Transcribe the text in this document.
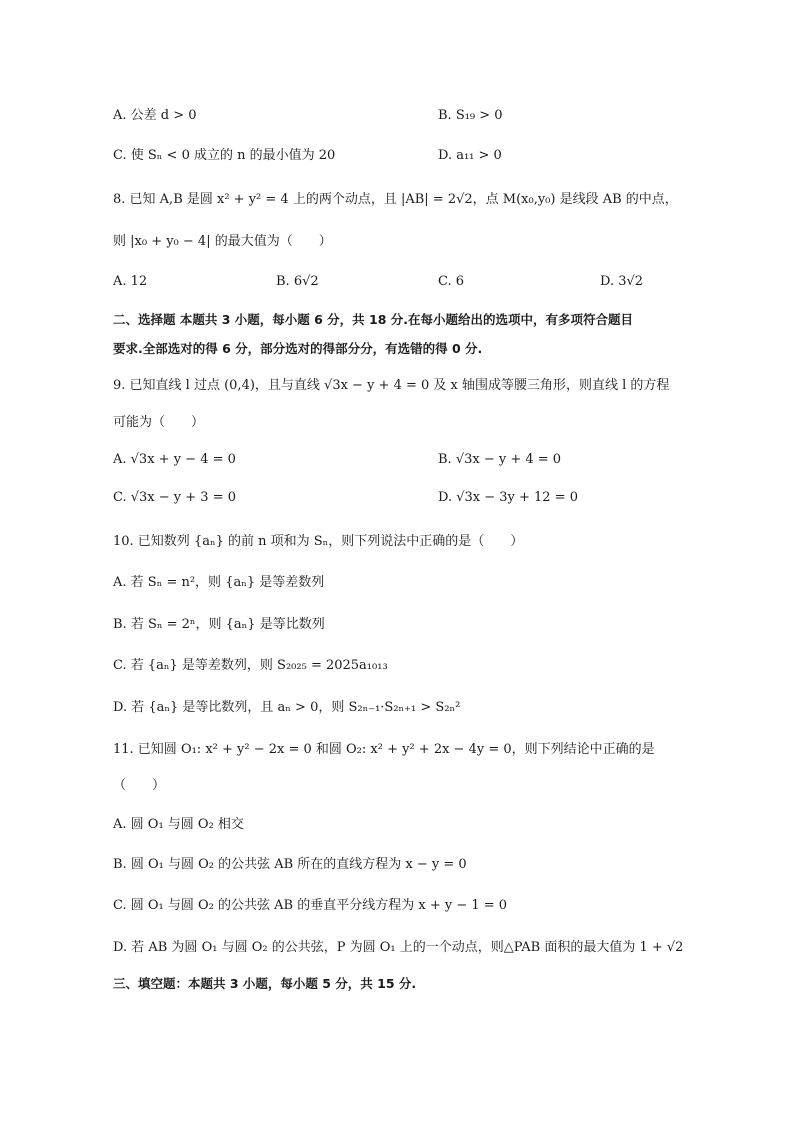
A. 公差 d > 0	B. S₁₉ > 0
C. 使 Sₙ < 0 成立的 n 的最小值为 20	D. a₁₁ > 0
8. 已知 A,B 是圆 x² + y² = 4 上的两个动点，且 |AB| = 2√2，点 M(x₀,y₀) 是线段 AB 的中点，
则 |x₀ + y₀ − 4| 的最大值为（　　）
A. 12	B. 6√2	C. 6	D. 3√2
二、选择题 本题共 3 小题，每小题 6 分，共 18 分.在每小题给出的选项中，有多项符合题目
要求.全部选对的得 6 分，部分选对的得部分分，有选错的得 0 分.
9. 已知直线 l 过点 (0,4)，且与直线 √3x − y + 4 = 0 及 x 轴围成等腰三角形，则直线 l 的方程
可能为（　　）
A. √3x + y − 4 = 0	B. √3x − y + 4 = 0
C. √3x − y + 3 = 0	D. √3x − 3y + 12 = 0
10. 已知数列 {aₙ} 的前 n 项和为 Sₙ，则下列说法中正确的是（　　）
A. 若 Sₙ = n²，则 {aₙ} 是等差数列
B. 若 Sₙ = 2ⁿ，则 {aₙ} 是等比数列
C. 若 {aₙ} 是等差数列，则 S₂₀₂₅ = 2025a₁₀₁₃
D. 若 {aₙ} 是等比数列，且 aₙ > 0，则 S₂ₙ₋₁·S₂ₙ₊₁ > S₂ₙ²
11. 已知圆 O₁: x² + y² − 2x = 0 和圆 O₂: x² + y² + 2x − 4y = 0，则下列结论中正确的是
（　　）
A. 圆 O₁ 与圆 O₂ 相交
B. 圆 O₁ 与圆 O₂ 的公共弦 AB 所在的直线方程为 x − y = 0
C. 圆 O₁ 与圆 O₂ 的公共弦 AB 的垂直平分线方程为 x + y − 1 = 0
D. 若 AB 为圆 O₁ 与圆 O₂ 的公共弦，P 为圆 O₁ 上的一个动点，则△PAB 面积的最大值为 1 + √2
三、填空题：本题共 3 小题，每小题 5 分，共 15 分.
